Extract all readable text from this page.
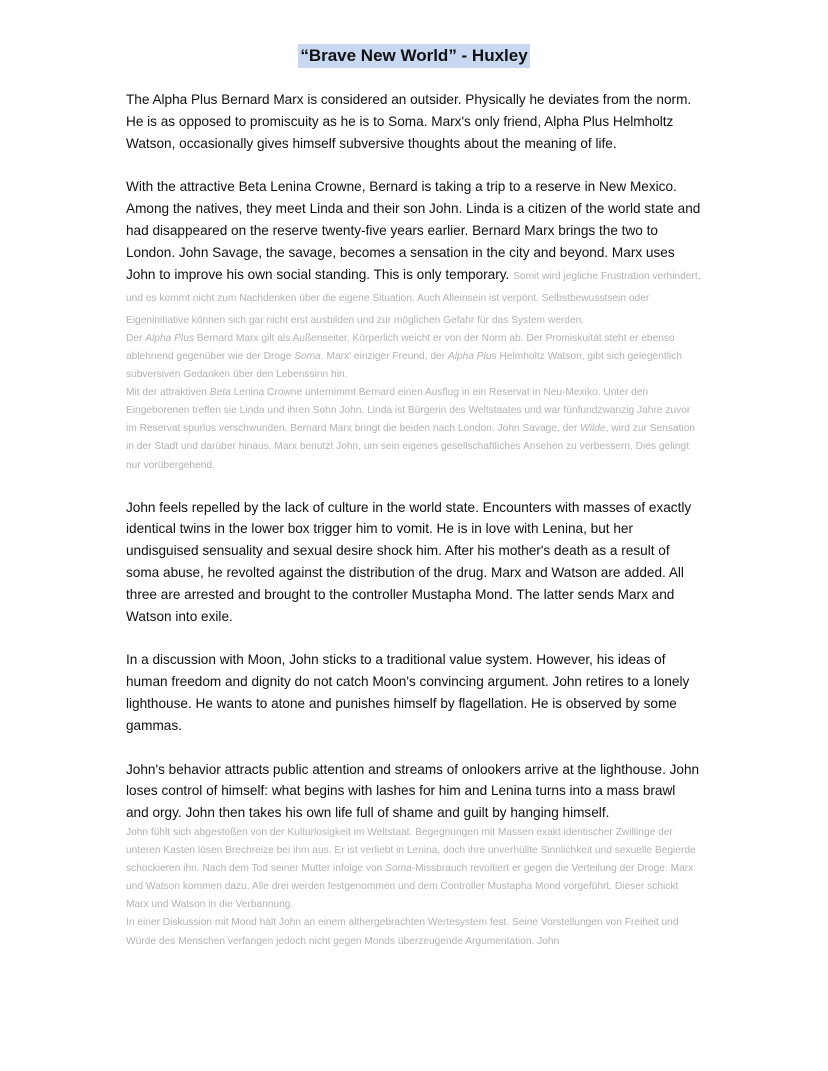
“Brave New World” - Huxley

The Alpha Plus Bernard Marx is considered an outsider. Physically he deviates from the norm. He is as opposed to promiscuity as he is to Soma. Marx's only friend, Alpha Plus Helmholtz Watson, occasionally gives himself subversive thoughts about the meaning of life.

With the attractive Beta Lenina Crowne, Bernard is taking a trip to a reserve in New Mexico. Among the natives, they meet Linda and their son John. Linda is a citizen of the world state and had disappeared on the reserve twenty-five years earlier. Bernard Marx brings the two to London. John Savage, the savage, becomes a sensation in the city and beyond. Marx uses John to improve his own social standing. This is only temporary. Somit wird jegliche Frustration verhindert, und es kommt nicht zum Nachdenken über die eigene Situation. Auch Alleinsein ist verpönt. Selbstbewusstsein oder Eigeninitiative können sich gar nicht erst ausbilden und zur möglichen Gefahr für das System werden.

Der Alpha Plus Bernard Marx gilt als Außenseiter. Körperlich weicht er von der Norm ab. Der Promiskuität steht er ebenso ablehnend gegenüber wie der Droge Soma. Marx' einziger Freund, der Alpha Plus Helmholtz Watson, gibt sich gelegentlich subversiven Gedanken über den Lebenssinn hin.

Mit der attraktiven Beta Lenina Crowne unternimmt Bernard einen Ausflug in ein Reservat in Neu-Mexiko. Unter den Eingeborenen treffen sie Linda und ihren Sohn John. Linda ist Bürgerin des Weltstaates und war fünfundzwanzig Jahre zuvor im Reservat spurlos verschwunden. Bernard Marx bringt die beiden nach London. John Savage, der Wilde, wird zur Sensation in der Stadt und darüber hinaus. Marx benutzt John, um sein eigenes gesellschaftliches Ansehen zu verbessern. Dies gelingt nur vorübergehend.

John feels repelled by the lack of culture in the world state. Encounters with masses of exactly identical twins in the lower box trigger him to vomit. He is in love with Lenina, but her undisguised sensuality and sexual desire shock him. After his mother's death as a result of soma abuse, he revolted against the distribution of the drug. Marx and Watson are added. All three are arrested and brought to the controller Mustapha Mond. The latter sends Marx and Watson into exile.

In a discussion with Moon, John sticks to a traditional value system. However, his ideas of human freedom and dignity do not catch Moon's convincing argument. John retires to a lonely lighthouse. He wants to atone and punishes himself by flagellation. He is observed by some gammas.

John's behavior attracts public attention and streams of onlookers arrive at the lighthouse. John loses control of himself: what begins with lashes for him and Lenina turns into a mass brawl and orgy. John then takes his own life full of shame and guilt by hanging himself.

John fühlt sich abgestoßen von der Kulturlosigkeit im Weltstaat. Begegnungen mit Massen exakt identischer Zwillinge der unteren Kasten lösen Brechreize bei ihm aus. Er ist verliebt in Lenina, doch ihre unverhüllte Sinnlichkeit und sexuelle Begierde schockieren ihn. Nach dem Tod seiner Mutter infolge von Soma-Missbrauch revoltiert er gegen die Verteilung der Droge. Marx und Watson kommen dazu. Alle drei werden festgenommen und dem Controller Mustapha Mond vorgeführt. Dieser schickt Marx und Watson in die Verbannung.

In einer Diskussion mit Mond hält John an einem althergebrachten Wertesystem fest. Seine Vorstellungen von Freiheit und Würde des Menschen verfangen jedoch nicht gegen Monds überzeugende Argumentation. John
